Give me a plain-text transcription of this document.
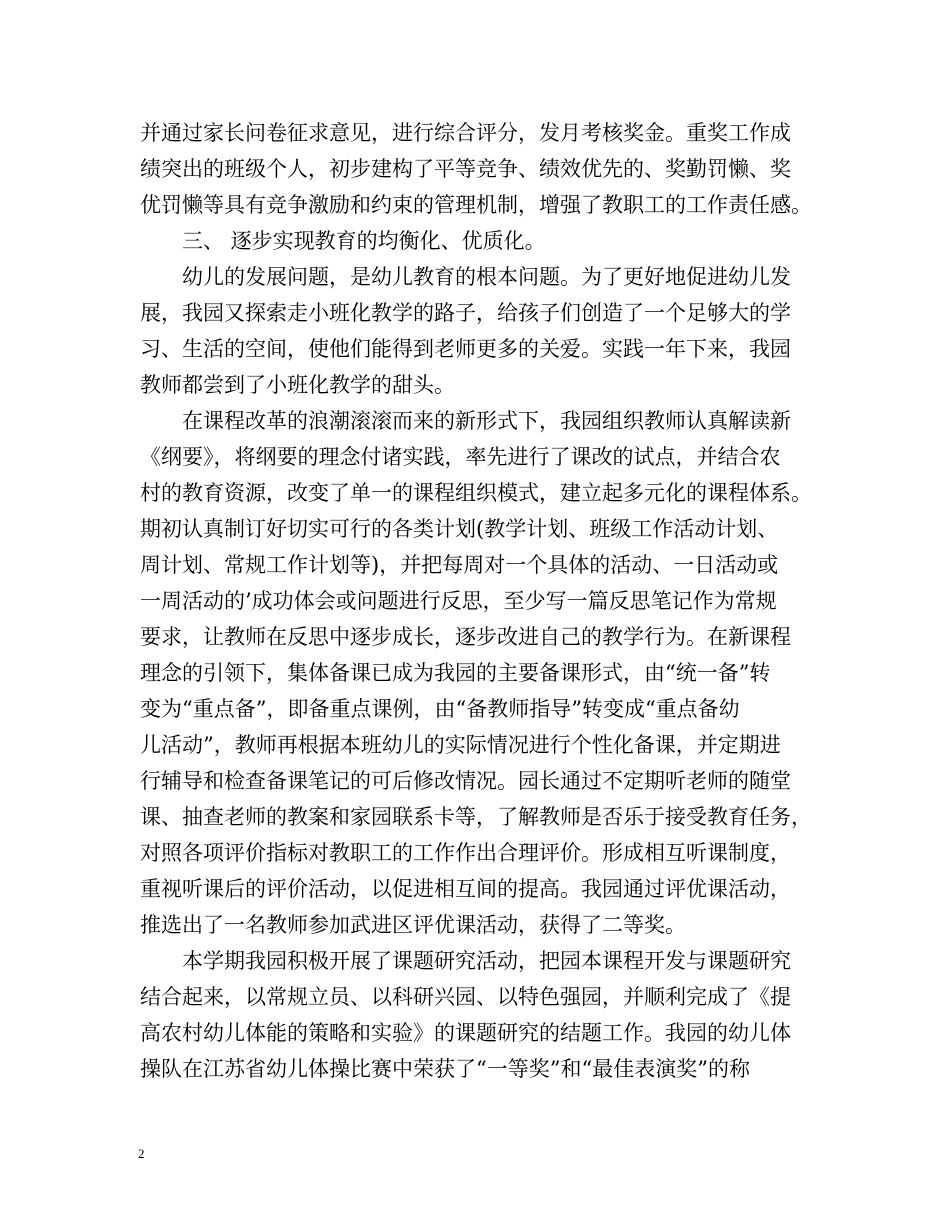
并通过家长问卷征求意见，进行综合评分，发月考核奖金。重奖工作成
绩突出的班级个人，初步建构了平等竞争、绩效优先的、奖勤罚懒、奖
优罚懒等具有竞争激励和约束的管理机制，增强了教职工的工作责任感。
三、 逐步实现教育的均衡化、优质化。
幼儿的发展问题，是幼儿教育的根本问题。为了更好地促进幼儿发
展，我园又探索走小班化教学的路子，给孩子们创造了一个足够大的学
习、生活的空间，使他们能得到老师更多的关爱。实践一年下来，我园
教师都尝到了小班化教学的甜头。
在课程改革的浪潮滚滚而来的新形式下，我园组织教师认真解读新
《纲要》，将纲要的理念付诸实践，率先进行了课改的试点，并结合农
村的教育资源，改变了单一的课程组织模式，建立起多元化的课程体系。
期初认真制订好切实可行的各类计划(教学计划、班级工作活动计划、
周计划、常规工作计划等)，并把每周对一个具体的活动、一日活动或
一周活动的’成功体会或问题进行反思，至少写一篇反思笔记作为常规
要求，让教师在反思中逐步成长，逐步改进自己的教学行为。在新课程
理念的引领下，集体备课已成为我园的主要备课形式，由“统一备”转
变为“重点备”，即备重点课例，由“备教师指导”转变成“重点备幼
儿活动”，教师再根据本班幼儿的实际情况进行个性化备课，并定期进
行辅导和检查备课笔记的可后修改情况。园长通过不定期听老师的随堂
课、抽查老师的教案和家园联系卡等，了解教师是否乐于接受教育任务，
对照各项评价指标对教职工的工作作出合理评价。形成相互听课制度，
重视听课后的评价活动，以促进相互间的提高。我园通过评优课活动，
推选出了一名教师参加武进区评优课活动，获得了二等奖。
本学期我园积极开展了课题研究活动，把园本课程开发与课题研究
结合起来，以常规立员、以科研兴园、以特色强园，并顺利完成了《提
高农村幼儿体能的策略和实验》的课题研究的结题工作。我园的幼儿体
操队在江苏省幼儿体操比赛中荣获了“一等奖”和“最佳表演奖”的称
2
